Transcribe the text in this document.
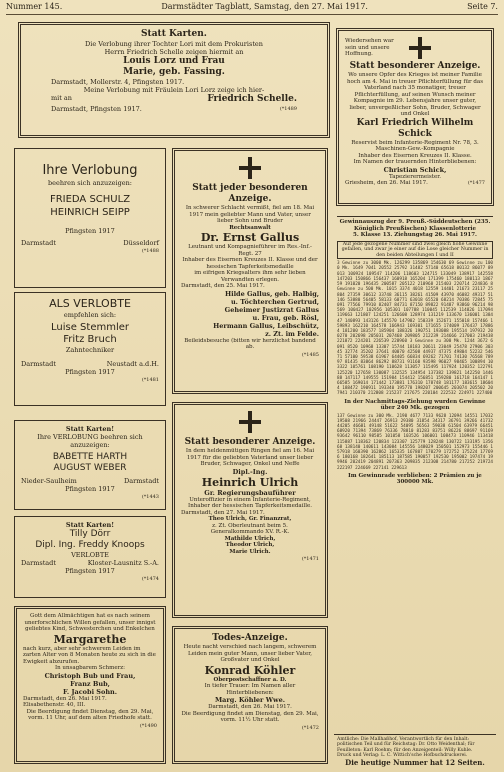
Nummer 145.	Darmstädter Tagblatt, Samstag, den 27. Mai 1917.	Seite 7.
Statt Karten.
Die Verlobung ihrer Tochter Lori mit dem Prokuristen
Herrn Friedrich Schelle zeigen hiermit an
Louis Lorz und Frau
Marie, geb. Fassing.
Darmstadt, Mollerstr. 4, Pfingsten 1917.
Meine Verlobung mit Fräulein Lori Lorz zeige ich hier-
mit an	Friedrich Schelle.
Darmstadt, Pfingsten 1917.	(*1489
Wiedersehen war sein und unsere Hoffnung.
Statt besonderer Anzeige.
Wo unsere Opfer des Krieges ist meiner Familie hoch am 4. Mai in treuer Pflichterfüllung für das Vaterland nach 35 monatiger, treuer Pflichterfüllung, auf seinen Wunsch meiner Kompagnie im 29. Lebensjahre unser guter, lieber, unvergeßlicher Sohn, Bruder, Schwager und Onkel
Karl Friedrich Wilhelm Schick
Reservist beim Infanterie-Regiment Nr. 78, 3. Maschinen-Gew.-Kompagnie
Inhaber des Eisernen Kreuzes II. Klasse.
Im Namen der trauernden Hinterbliebenen:
Christian Schick,
Tapezierermeister.
Griesheim, den 26. Mai 1917.	(*1477
Ihre Verlobung
beehren sich anzuzeigen:
FRIEDA SCHULZ
HEINRICH SEIPP
Pfingsten 1917
Darmstadt	Düsseldorf
(*1488
Statt jeder besonderen Anzeige.
In schwerer Schlacht vermißt, fiel am 18. Mai 1917 mein geliebter Mann und Vater, unser lieber Sohn und Bruder
Rechtsanwalt
Dr. Ernst Gallus
Leutnant und Kompagnieführer im Res.-Inf.-Regt. 27
Inhaber des Eisernen Kreuzes II. Klasse und der hessischen Tapferkeitsmedaille
im eifrigen Kriegsalters ihm sehr lieben Verwandten erlegen.
Darmstadt, den 25. Mai 1917.
Hilde Gallus, geb. Halbig,
u. Töchterchen Gertrud,
Geheimer Justizrat Gallus
u. Frau, geb. Rösl,
Hermann Gallus, Leibschütz,
z. Zt. im Felde.
Beileidsbesuche (bitten wir herzlichst bandend ab.
(*1485
ALS VERLOBTE
empfehlen sich:
Luise Stemmler
Fritz Bruch
Zahntechniker
Darmstadt	Neustadt a.d.H.
Pfingsten 1917
(*1481
Statt Karten!
Ihre VERLOBUNG beehren sich anzuzeigen:
BABETTE HARTH
AUGUST WEBER
Nieder-Saulheim	Darmstadt
Pfingsten 1917
(*1443
Statt besonderer Anzeige.
In dem heldenmütigen Ringen fiel am 16. Mai 1917 für die geliebten Vaterland unser lieber Bruder, Schwager, Onkel und Neffe
Dipl.-Ing.
Heinrich Ulrich
Gr. Regierungsbauführer
Unteroffizier in einem Infanterie-Regiment, Inhaber der hessischen Tapferkeitsmedaille.
Darmstadt, den 27. Mai 1917.
Theo Ulrich, Gr. Finanzrat,
z. Zt. Oberleutnant beim 5.
Generalkommando XV. R.-K.
Mathilde Ulrich,
Theodor Ulrich,
Marie Ulrich.
(*1471
Statt Karten!
Tilly Dörr
Dipl. Ing. Freddy Knoops
VERLOBTE
Darmstadt	Kloster-Lausnitz S.-A.
Pfingsten 1917
(*1474
Gott dem Allmächtigen hat es nach seinem unerforschlichen Willen gefallen, unser innigst geliebtes Kind, Schwesterchen und Enkelchen
Margarethe
nach kurz, aber sehr schwerem Leiden im zarten Alter von 8 Monaten heute zu sich in die Ewigkeit abzurufen.
In unsagbarem Schmerz:
Christoph Bub und Frau,
Franz Bub,
F. Jacobi Sohn.
Darmstadt, den 26. Mai 1917.
Elisabethenstr. 40, III.
Die Beerdigung findet Dienstag, den 29. Mai, vorm. 11 Uhr, auf dem alten Friedhofe statt.
(*1490
Todes-Anzeige.
Heute nacht verschied nach langem, schwerem Leiden mein guter Mann, unser lieber Vater, Großvater und Onkel
Konrad Köhler
Oberpostschaffner a. D.
In tiefer Trauer: Im Namen aller Hinterbliebenen:
Marg. Köhler Wwe.
Darmstadt, den 26. Mai 1917.
Die Beerdigung findet am Dienstag, den 29. Mai, vorm. 11½ Uhr statt.
(*1472
Gewinnauszug der 9. Preuß.-Süddeutschen (235. Königlich Preußischen) Klassenlotterie
5. Klasse 13. Ziehungstag 26. Mai 1917.
Auf jede gezogene Nummer sind zwei gleich hohe Gewinne gefallen, und zwar je einer auf die Lose gleicher Nummer in den beiden Abteilungen I und II
3 Gewinne zu 3000 Mk. 126299 135869 154630 69 Gewinne zu 1000 Mk. 1649 7041 20552 25792 31482 57140 65618 80132 86077 89013 100924 109547 114206 118603 124715 133049 138917 142558 147203 150866 156437 160918 165204 171399 175460 180113 186759 191020 196435 200587 205122 210968 215403 220714 224836 8 Gewinne zu 500 Mk. 1015 3374 4018 12559 14401 21673 23117 25804 27359 30612 33748 36115 38261 41509 43970 46082 49317 51146 53880 56405 58133 60771 63018 65520 68214 70386 72845 75091 77566 79910 82407 84731 87150 89822 91487 93860 96214 98569 100427 102956 105301 107788 110045 112539 114826 117094 119663 121807 124251 126608 128974 131219 133670 136001 138447 140893 143126 145570 147902 150339 152671 155018 157466 159893 162210 164578 166943 169301 171655 174009 176437 178864 181200 183577 185904 188326 190751 193088 195514 197932 200270 202698 205031 207468 209805 212239 214666 217003 219438 221872 224201 226539 228960 3 Gewinne zu 300 Mk. 1244 3672 6091 8520 10968 13307 15744 18183 20611 23049 25478 27906 30345 32774 35202 37641 40070 42508 44937 47375 49804 52232 54671 57100 59538 61967 64405 66834 69262 71701 74130 76568 78997 81435 83864 86292 88731 91160 93598 96027 98465 100894 103322 105761 108190 110628 113057 115495 117924 120352 122791 125220 127658 130087 132525 134954 137382 139821 142250 144688 147117 149555 151984 154412 156851 159280 161718 164147 166585 169014 171442 173881 176310 178748 181177 183615 186044 188472 190911 193340 195778 198207 200645 203074 205502 207941 210370 212808 215237 217675 220104 222532 224971 227400
In der Nachmittags-Ziehung wurden Gewinne über 240 Mk. gezogen
137 Gewinne zu 300 Mk. 2190 4677 7133 9628 12094 14551 17032 19508 21966 24447 26913 29380 31854 34317 36791 39266 41732 44205 46681 49148 51622 54095 56563 59038 61504 63979 66451 68920 71394 73869 76336 78810 81283 83751 86226 88697 91169 93642 96110 98585 101058 103526 106001 108473 110946 113418 115887 118362 120834 123307 125779 128248 130722 133195 135668 138140 140611 143084 145556 148029 150501 152973 155446 157918 160390 162862 165335 167807 170279 172752 175224 177696 180168 182641 185113 187585 190057 192530 195002 197474 199946 202419 204891 207363 209835 212308 214780 217252 219724 222197 224669 227141 229613
Im Gewinnrade verblieben: 2 Prämien zu je 300000 Mk.
Amtliche: Die Mallhaßhof, Verantwortlich für den Inhalt: politischen Teil und für Reichstag: Dr. Otto Weidenthal; für Feuilleton: Karl Roehm; für den Anzeigenteil: Willy Kuhle.
Druck und Verlag: L. C. Wittich'sche Hofbuchdruckerei.
Die heutige Nummer hat 12 Seiten.
